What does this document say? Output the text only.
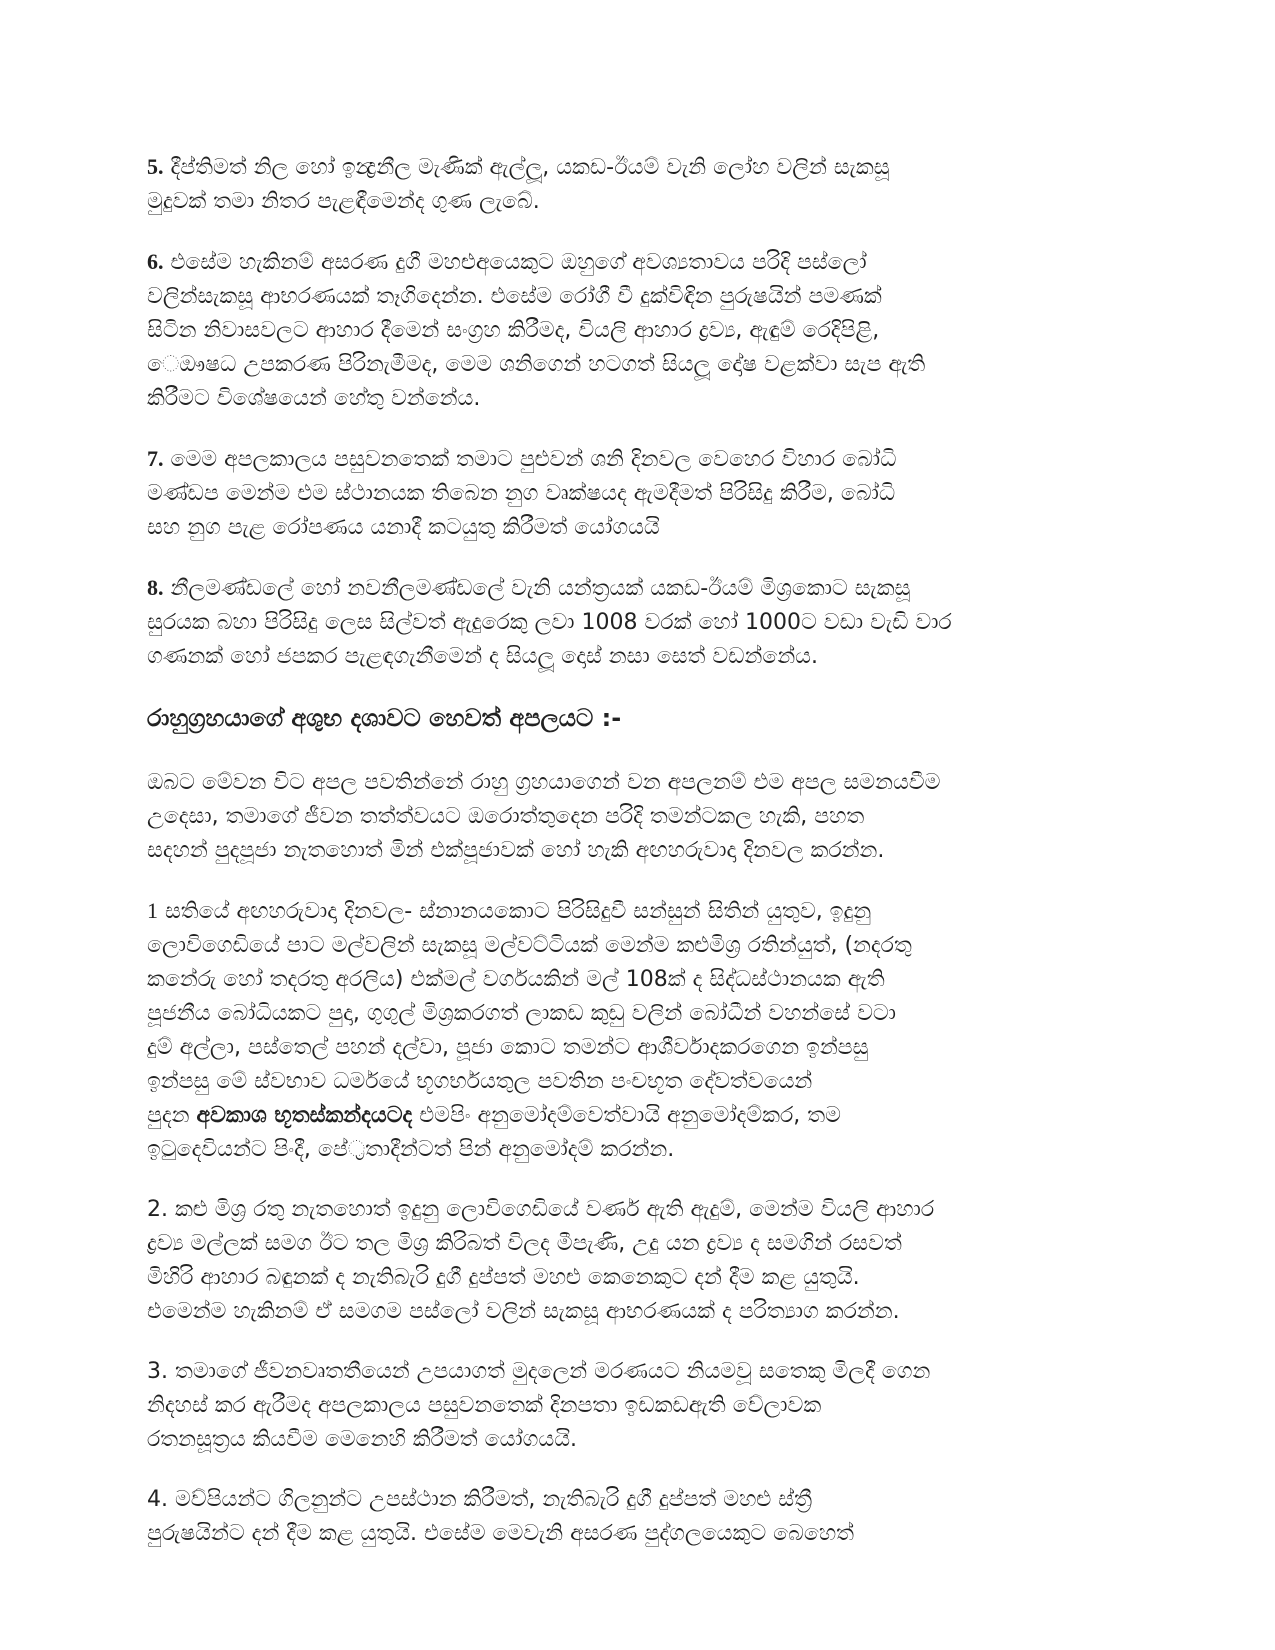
5. දීප්තිමත් නිල හෝ ඉන්‍ද්‍රනීල මැණික් ඇල්ලූ, යකඩ-ඊයම් වැනි ලෝහ වලින් සැකසූ
මුදුවක් තමා නිතර පැළඳීමෙන්ද ගුණ ලැබේ.

6. එසේම හැකිනම් අසරණ දුගී මහළුඅයෙකුට ඔහුගේ අවශ්‍යතාවය පරිදි පස්ලෝ
වලින්සැකසූ ආභරණයක් තෑගිදෙන්න. එසේම රෝගී වී දුක්විඳින පුරුෂයින් පමණක්
සිටින නිවාසවලට ආහාර දීමෙන් සංග්‍රහ කිරීමද, වියලි ආහාර ද්‍රව්‍ය, ඇඳුම් රෙදිපිළි,
ෙඖෂධ උපකරණ පිරිනැමීමද, මෙම ශනිගෙන් හටගත් සියලූ දෝෂ වළක්වා සැප ඇති
කිරීමට විශේෂයෙන් හේතු වන්නේය.

7. මෙම අපලකාලය පසුවනතෙක් තමාට පුළුවන් ශනි දිනවල වෙහෙර විහාර බෝධි
මණ්ඩප මෙන්ම එම ස්ථානයක තිබෙන නුග වෘක්ෂයද ඇමදීමත් පිරිසිදු කිරීම, බෝධි
සහ නුග පැළ රෝපණය යනාදී කටයුතු කිරීමත් යෝගයයි

8. නීලමණ්ඩලේ හෝ නවනීලමණ්ඩලේ වැනි යන්ත්‍රයක් යකඩ-ඊයම් මිශ්‍රකොට සැකසූ
සුරයක බහා පිරිසිදු ලෙස සිල්වත් ඇදුරෙකු ලවා 1008 වරක් හෝ 1000ට වඩා වැඩි වාර
ගණනක් හෝ ජපකර පැළඳගැනීමෙන් ද සියලූ දොස් නසා සෙත් වඩන්නේය.

රාහුග්‍රහයාගේ අශුභ දශාවට හෙවත් අපලයට :-

ඔබට මේවන විට අපල පවතින්නේ රාහු ග්‍රහයාගෙන් වන අපලනම් එම අපල සමනයවීම
උදෙසා, තමාගේ ජීවන තත්ත්වයට ඔරොත්තුදෙන පරිදි තමන්ටකල හැකි, පහත
සදහන් පුදපූජා නැතහොත් මින් එක්පූජාවක් හෝ හැකි අඟහරුවාදා දිනවල කරන්න.

1 සතියේ අඟහරුවාදා දිනවල- ස්නානයකොට පිරිසිදුවී සන්සුන් සිතින් යුතුව, ඉදුනු
ලොවිගෙඩියේ පාට මල්වලින් සැකසූ මල්වට්ටියක් මෙන්ම කළුමිශ්‍ර රතින්යුත්, (නදරතු
කනේරු හෝ තදරතු අරලිය) එක්මල් වර්ගයකින් මල් 108ක් ද සිද්ධස්ථානයක ඇති
පූජනීය බෝධියකට පුදා, ගුගුල් මිශ්‍රකරගත් ලාකඩ කුඩු වලින් බෝධීන් වහන්සේ වටා
දුම් අල්ලා, පස්තෙල් පහන් දල්වා, පූජා කොට තමන්ට ආශීර්වාදකරගෙන ඉන්පසු
ඉන්පසු මේ ස්වභාව ධර්මයේ භූගර්භයතුල පවතින පංචභූත දේවත්වයෙන්
පුදන අවකාශ භූතස්කන්දයටද එමපිං අනුමෝදම්වෙත්වායි අනුමෝදම්කර, තම
ඉටුදෙවියන්ට පිංදී, පේ්‍රතාදීන්ටත් පින් අනුමෝදම් කරන්න.

2. කළු මිශ්‍ර රතු නැතහොත් ඉදුනු ලොවිගෙඩියේ වර්ණ ඇති ඇදුම්, මෙන්ම වියලි ආහාර
ද්‍රව්‍ය මල්ලක් සමග ඊට තල මිශ්‍ර කිරිබත් විලද මීපැණි, උදු යන ද්‍රව්‍ය ද සමගින් රසවත්
මිහිරි ආහාර බඳුනක් ද නැතිබැරි දුගී දුප්පත් මහළු කෙනෙකුට දන් දීම කළ යුතුයි.
එමෙන්ම හැකිනම් ඒ සමගම පස්ලෝ වලින් සැකසූ ආභරණයක් ද පරිත්‍යාග කරන්න.

3. තමාගේ ජීවනවෘතතීයෙන් උපයාගත් මුදලෙන් මරණයට නියමවූ සතෙකු මිලදී ගෙන
නිදහස් කර ඇරීමද අපලකාලය පසුවනතෙක් දිනපතා ඉඩකඩඇති වේලාවක
රතනසූත්‍රය කියවීම මෙනෙහි කිරීමත් යෝගයයි.

4. මව්පියන්ට ගිලනුන්ට උපස්ථාන කිරීමත්, නැතිබැරි දුගී දුප්පත් මහළු ස්ත්‍රී
පුරුෂයින්ට දන් දීම කළ යුතුයි. එසේම මෙවැනි අසරණ පුද්ගලයෙකුට බෙහෙත්
